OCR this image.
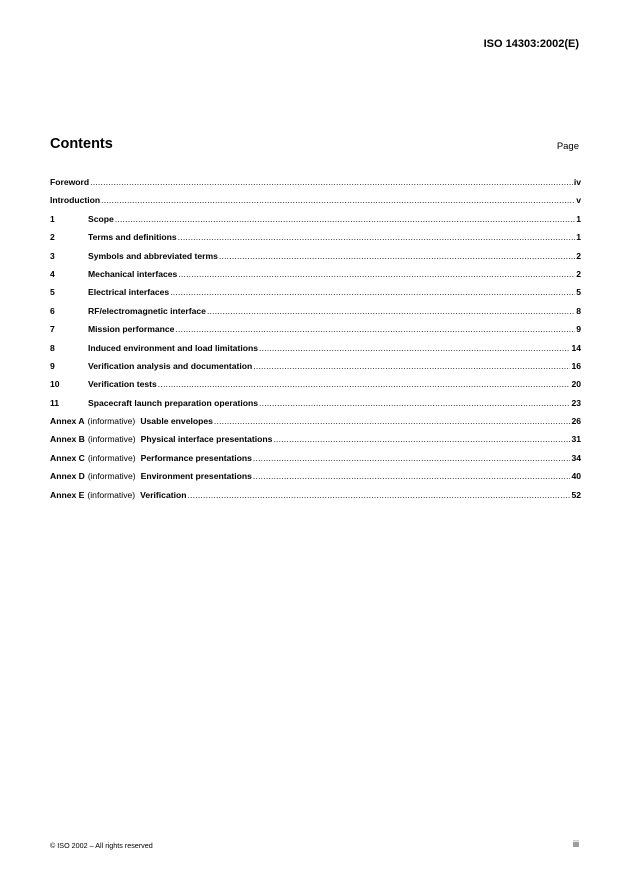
ISO 14303:2002(E)
Contents	Page
Foreword .....	iv
Introduction .....	v
1	Scope .....	1
2	Terms and definitions .....	1
3	Symbols and abbreviated terms .....	2
4	Mechanical interfaces .....	2
5	Electrical interfaces .....	5
6	RF/electromagnetic interface .....	8
7	Mission performance .....	9
8	Induced environment and load limitations .....	14
9	Verification analysis and documentation .....	16
10	Verification tests .....	20
11	Spacecraft launch preparation operations .....	23
Annex A (informative) Usable envelopes .....	26
Annex B (informative) Physical interface presentations .....	31
Annex C (informative) Performance presentations .....	34
Annex D (informative) Environment presentations .....	40
Annex E (informative) Verification .....	52
© ISO 2002 – All rights reserved	iii
